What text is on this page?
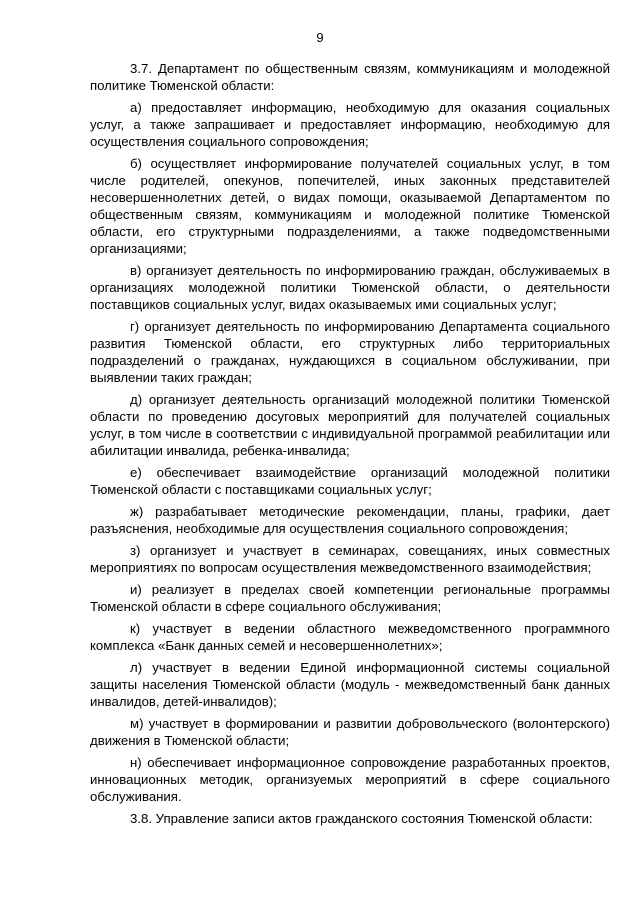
9

3.7. Департамент по общественным связям, коммуникациям и молодежной политике Тюменской области:

а) предоставляет информацию, необходимую для оказания социальных услуг, а также запрашивает и предоставляет информацию, необходимую для осуществления социального сопровождения;

б) осуществляет информирование получателей социальных услуг, в том числе родителей, опекунов, попечителей, иных законных представителей несовершеннолетних детей, о видах помощи, оказываемой Департаментом по общественным связям, коммуникациям и молодежной политике Тюменской области, его структурными подразделениями, а также подведомственными организациями;

в) организует деятельность по информированию граждан, обслуживаемых в организациях молодежной политики Тюменской области, о деятельности поставщиков социальных услуг, видах оказываемых ими социальных услуг;

г) организует деятельность по информированию Департамента социального развития Тюменской области, его структурных либо территориальных подразделений о гражданах, нуждающихся в социальном обслуживании, при выявлении таких граждан;

д) организует деятельность организаций молодежной политики Тюменской области по проведению досуговых мероприятий для получателей социальных услуг, в том числе в соответствии с индивидуальной программой реабилитации или абилитации инвалида, ребенка-инвалида;

е) обеспечивает взаимодействие организаций молодежной политики Тюменской области с поставщиками социальных услуг;

ж) разрабатывает методические рекомендации, планы, графики, дает разъяснения, необходимые для осуществления социального сопровождения;

з) организует и участвует в семинарах, совещаниях, иных совместных мероприятиях по вопросам осуществления межведомственного взаимодействия;

и) реализует в пределах своей компетенции региональные программы Тюменской области в сфере социального обслуживания;

к) участвует в ведении областного межведомственного программного комплекса «Банк данных семей и несовершеннолетних»;

л) участвует в ведении Единой информационной системы социальной защиты населения Тюменской области (модуль - межведомственный банк данных инвалидов, детей-инвалидов);

м) участвует в формировании и развитии добровольческого (волонтерского) движения в Тюменской области;

н) обеспечивает информационное сопровождение разработанных проектов, инновационных методик, организуемых мероприятий в сфере социального обслуживания.

3.8. Управление записи актов гражданского состояния Тюменской области:
